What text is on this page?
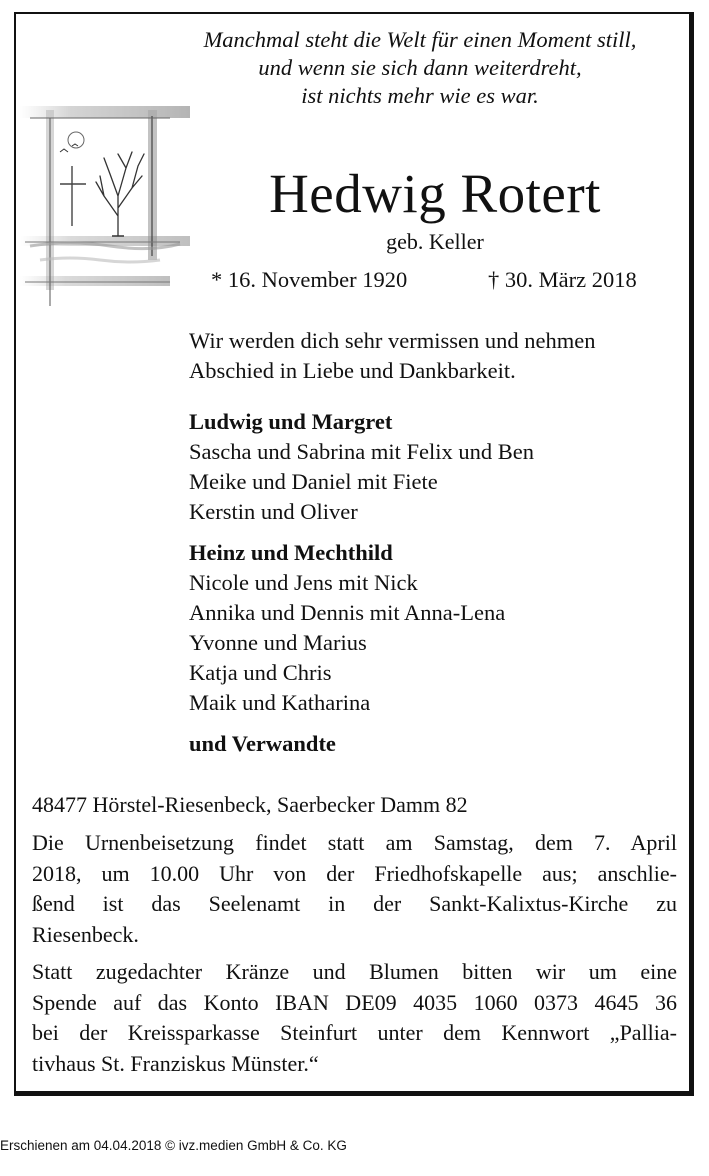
Manchmal steht die Welt für einen Moment still,
und wenn sie sich dann weiterdreht,
ist nichts mehr wie es war.
Hedwig Rotert
geb. Keller
* 16. November 1920	† 30. März 2018
Wir werden dich sehr vermissen und nehmen
Abschied in Liebe und Dankbarkeit.
Ludwig und Margret
Sascha und Sabrina mit Felix und Ben
Meike und Daniel mit Fiete
Kerstin und Oliver
Heinz und Mechthild
Nicole und Jens mit Nick
Annika und Dennis mit Anna-Lena
Yvonne und Marius
Katja und Chris
Maik und Katharina
und Verwandte
48477 Hörstel-Riesenbeck, Saerbecker Damm 82
Die Urnenbeisetzung findet statt am Samstag, dem 7. April
2018, um 10.00 Uhr von der Friedhofskapelle aus; anschlie-
ßend ist das Seelenamt in der Sankt-Kalixtus-Kirche zu
Riesenbeck.
Statt zugedachter Kränze und Blumen bitten wir um eine
Spende auf das Konto IBAN DE09 4035 1060 0373 4645 36
bei der Kreissparkasse Steinfurt unter dem Kennwort „Pallia-
tivhaus St. Franziskus Münster.“
Erschienen am 04.04.2018 © ivz.medien GmbH & Co. KG
